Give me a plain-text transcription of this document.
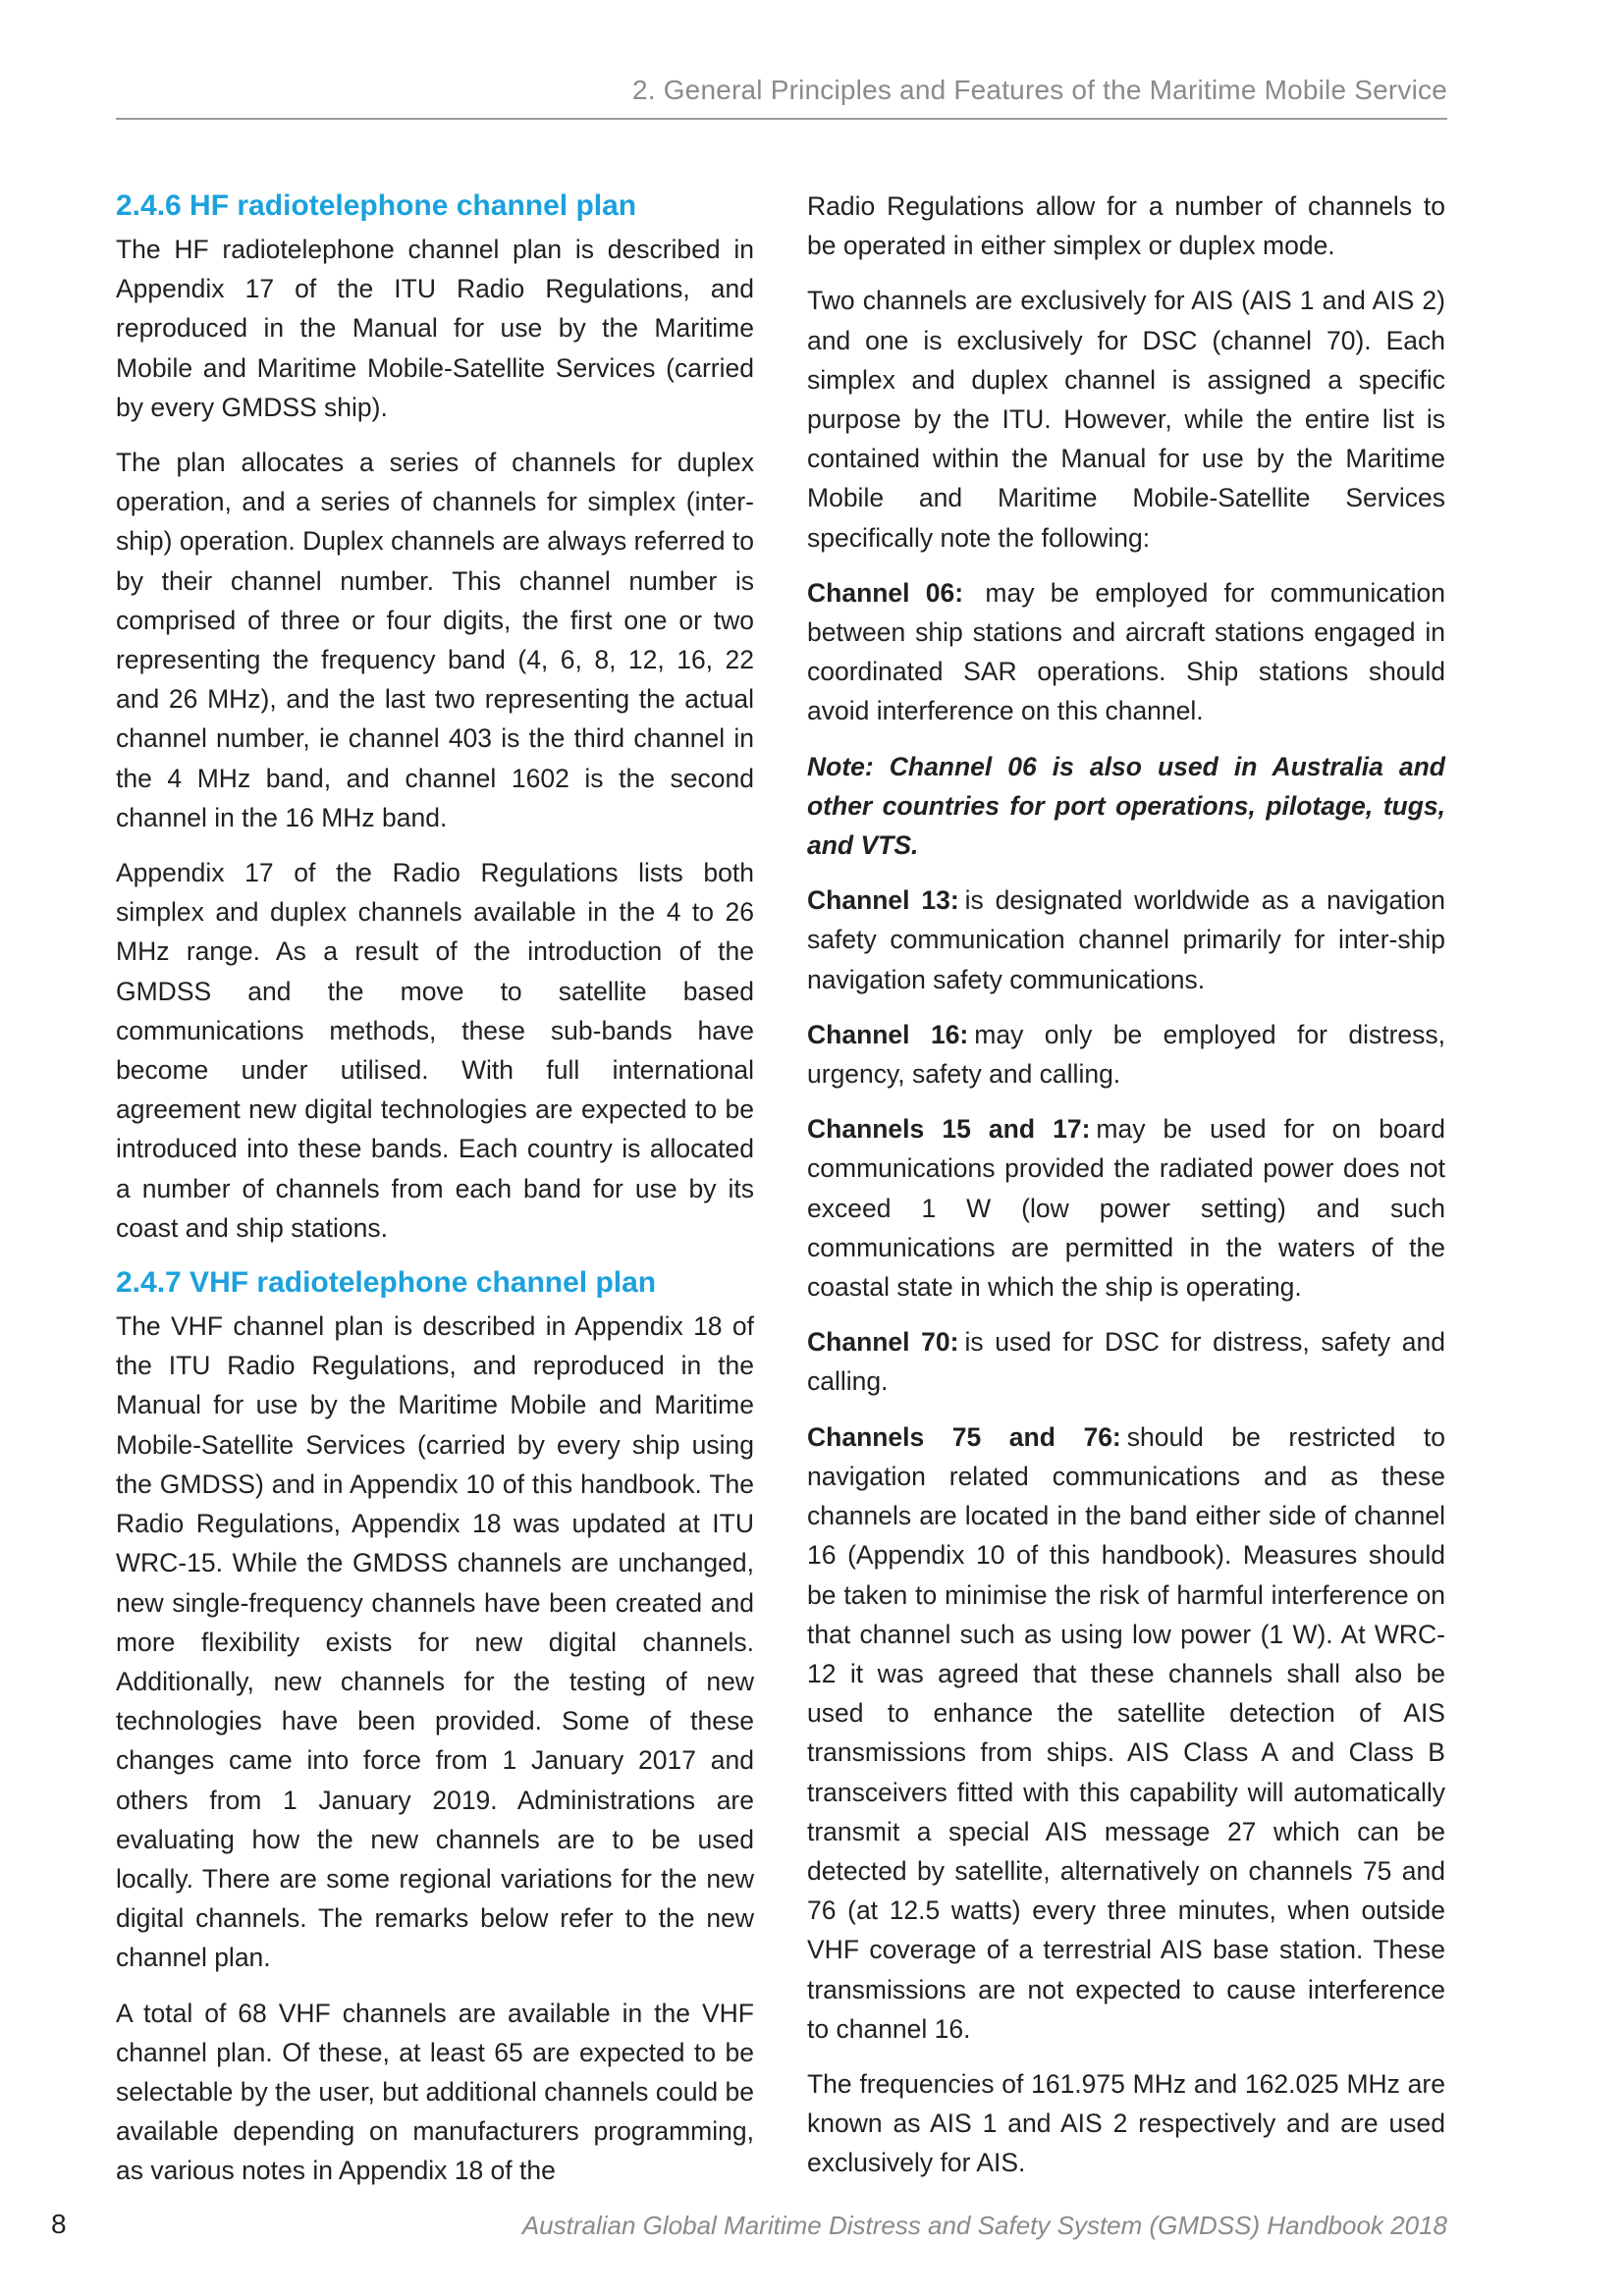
2. General Principles and Features of the Maritime Mobile Service
2.4.6 HF radiotelephone channel plan

The HF radiotelephone channel plan is described in Appendix 17 of the ITU Radio Regulations, and reproduced in the Manual for use by the Maritime Mobile and Maritime Mobile-Satellite Services (carried by every GMDSS ship).

The plan allocates a series of channels for duplex operation, and a series of channels for simplex (inter-ship) operation. Duplex channels are always referred to by their channel number. This channel number is comprised of three or four digits, the first one or two representing the frequency band (4, 6, 8, 12, 16, 22 and 26 MHz), and the last two representing the actual channel number, ie channel 403 is the third channel in the 4 MHz band, and channel 1602 is the second channel in the 16 MHz band.

Appendix 17 of the Radio Regulations lists both simplex and duplex channels available in the 4 to 26 MHz range. As a result of the introduction of the GMDSS and the move to satellite based communications methods, these sub-bands have become under utilised. With full international agreement new digital technologies are expected to be introduced into these bands. Each country is allocated a number of channels from each band for use by its coast and ship stations.

2.4.7 VHF radiotelephone channel plan

The VHF channel plan is described in Appendix 18 of the ITU Radio Regulations, and reproduced in the Manual for use by the Maritime Mobile and Maritime Mobile-Satellite Services (carried by every ship using the GMDSS) and in Appendix 10 of this handbook. The Radio Regulations, Appendix 18 was updated at ITU WRC-15. While the GMDSS channels are unchanged, new single-frequency channels have been created and more flexibility exists for new digital channels. Additionally, new channels for the testing of new technologies have been provided. Some of these changes came into force from 1 January 2017 and others from 1 January 2019. Administrations are evaluating how the new channels are to be used locally. There are some regional variations for the new digital channels. The remarks below refer to the new channel plan.

A total of 68 VHF channels are available in the VHF channel plan. Of these, at least 65 are expected to be selectable by the user, but additional channels could be available depending on manufacturers programming, as various notes in Appendix 18 of the

Radio Regulations allow for a number of channels to be operated in either simplex or duplex mode.

Two channels are exclusively for AIS (AIS 1 and AIS 2) and one is exclusively for DSC (channel 70). Each simplex and duplex channel is assigned a specific purpose by the ITU. However, while the entire list is contained within the Manual for use by the Maritime Mobile and Maritime Mobile-Satellite Services specifically note the following:

Channel 06: may be employed for communication between ship stations and aircraft stations engaged in coordinated SAR operations. Ship stations should avoid interference on this channel.

Note: Channel 06 is also used in Australia and other countries for port operations, pilotage, tugs, and VTS.

Channel 13: is designated worldwide as a navigation safety communication channel primarily for inter-ship navigation safety communications.

Channel 16: may only be employed for distress, urgency, safety and calling.

Channels 15 and 17: may be used for on board communications provided the radiated power does not exceed 1 W (low power setting) and such communications are permitted in the waters of the coastal state in which the ship is operating.

Channel 70: is used for DSC for distress, safety and calling.

Channels 75 and 76: should be restricted to navigation related communications and as these channels are located in the band either side of channel 16 (Appendix 10 of this handbook). Measures should be taken to minimise the risk of harmful interference on that channel such as using low power (1 W). At WRC-12 it was agreed that these channels shall also be used to enhance the satellite detection of AIS transmissions from ships. AIS Class A and Class B transceivers fitted with this capability will automatically transmit a special AIS message 27 which can be detected by satellite, alternatively on channels 75 and 76 (at 12.5 watts) every three minutes, when outside VHF coverage of a terrestrial AIS base station. These transmissions are not expected to cause interference to channel 16.

The frequencies of 161.975 MHz and 162.025 MHz are known as AIS 1 and AIS 2 respectively and are used exclusively for AIS.

8	Australian Global Maritime Distress and Safety System (GMDSS) Handbook 2018
